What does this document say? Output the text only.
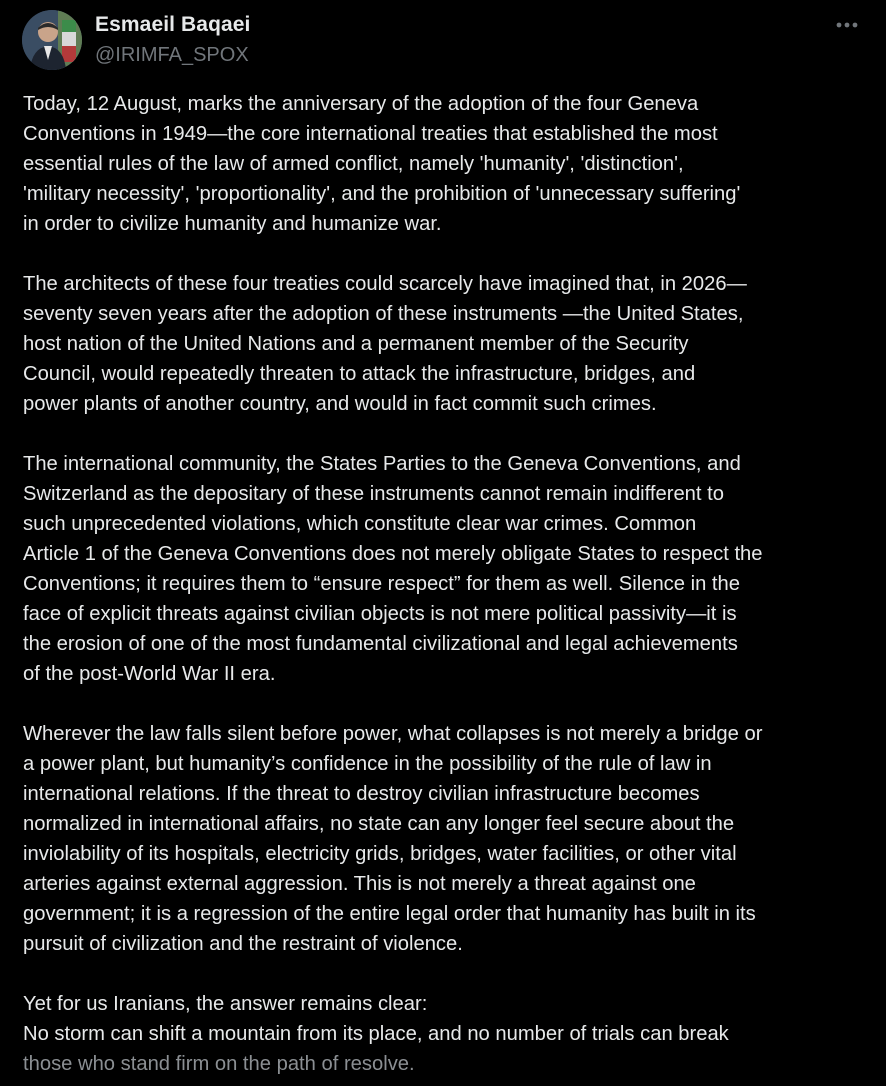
Esmaeil Baqaei
@IRIMFA_SPOX

Today, 12 August, marks the anniversary of the adoption of the four Geneva
Conventions in 1949—the core international treaties that established the most
essential rules of the law of armed conflict, namely 'humanity', 'distinction',
'military necessity', 'proportionality', and the prohibition of 'unnecessary suffering'
in order to civilize humanity and humanize war.

The architects of these four treaties could scarcely have imagined that, in 2026—
seventy seven years after the adoption of these instruments —the United States,
host nation of the United Nations and a permanent member of the Security
Council, would repeatedly threaten to attack the infrastructure, bridges, and
power plants of another country, and would in fact commit such crimes.

The international community, the States Parties to the Geneva Conventions, and
Switzerland as the depositary of these instruments cannot remain indifferent to
such unprecedented violations, which constitute clear war crimes. Common
Article 1 of the Geneva Conventions does not merely obligate States to respect the
Conventions; it requires them to “ensure respect” for them as well. Silence in the
face of explicit threats against civilian objects is not mere political passivity—it is
the erosion of one of the most fundamental civilizational and legal achievements
of the post-World War II era.

Wherever the law falls silent before power, what collapses is not merely a bridge or
a power plant, but humanity’s confidence in the possibility of the rule of law in
international relations. If the threat to destroy civilian infrastructure becomes
normalized in international affairs, no state can any longer feel secure about the
inviolability of its hospitals, electricity grids, bridges, water facilities, or other vital
arteries against external aggression. This is not merely a threat against one
government; it is a regression of the entire legal order that humanity has built in its
pursuit of civilization and the restraint of violence.

Yet for us Iranians, the answer remains clear:
No storm can shift a mountain from its place, and no number of trials can break
those who stand firm on the path of resolve.
